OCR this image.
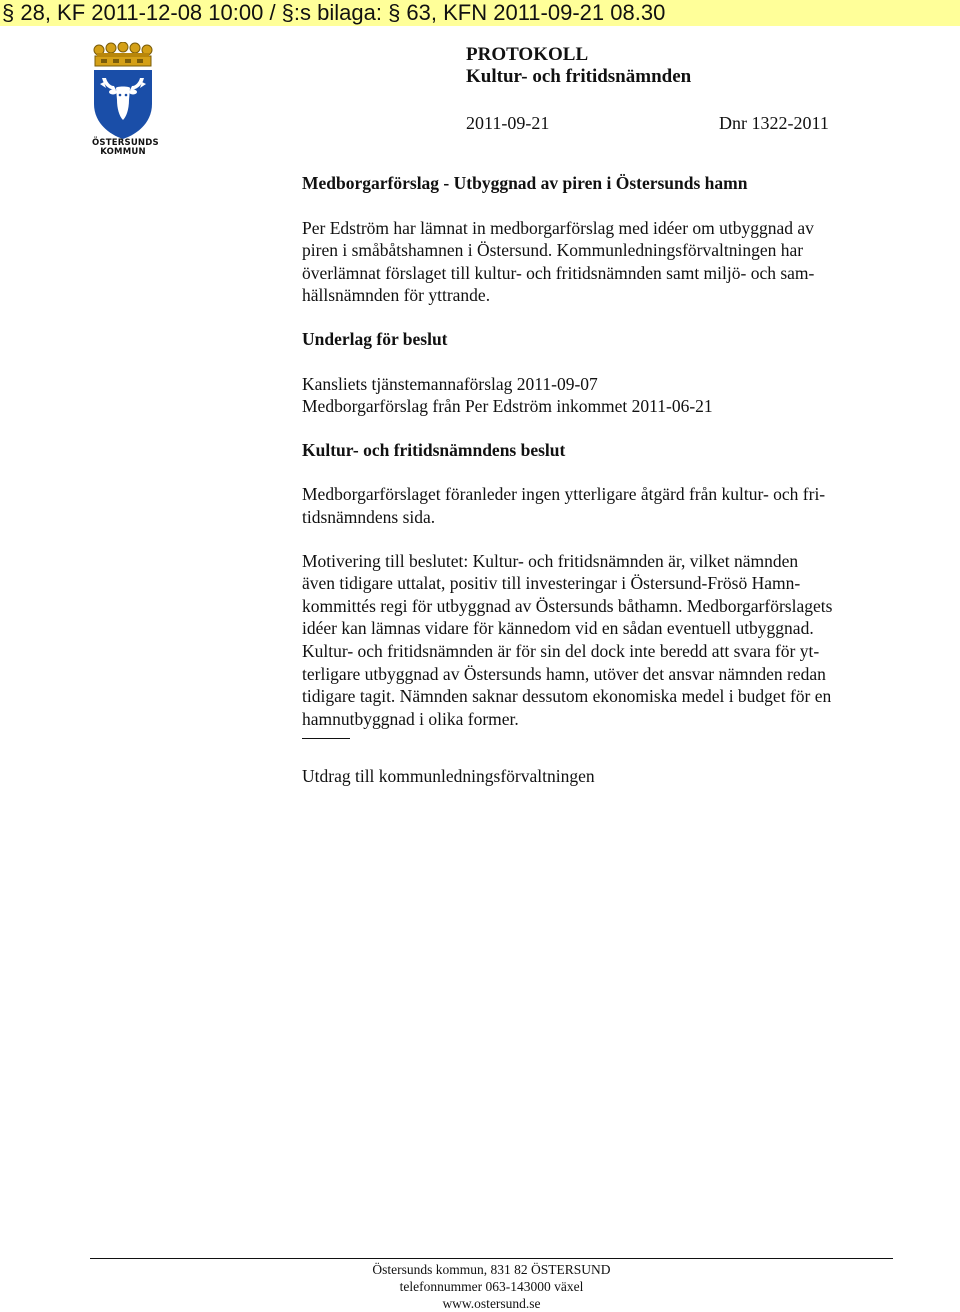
§ 28, KF 2011-12-08 10:00 / §:s bilaga: § 63, KFN 2011-09-21 08.30
ÖSTERSUNDS
KOMMUN
PROTOKOLL
Kultur- och fritidsnämnden
2011-09-21	Dnr 1322-2011

Medborgarförslag - Utbyggnad av piren i Östersunds hamn

Per Edström har lämnat in medborgarförslag med idéer om utbyggnad av

piren i småbåtshamnen i Östersund. Kommunledningsförvaltningen har

överlämnat förslaget till kultur- och fritidsnämnden samt miljö- och sam-

hällsnämnden för yttrande.

Underlag för beslut

Kansliets tjänstemannaförslag 2011-09-07

Medborgarförslag från Per Edström inkommet 2011-06-21

Kultur- och fritidsnämndens beslut

Medborgarförslaget föranleder ingen ytterligare åtgärd från kultur- och fri-

tidsnämndens sida.

Motivering till beslutet: Kultur- och fritidsnämnden är, vilket nämnden

även tidigare uttalat, positiv till investeringar i Östersund-Frösö Hamn-

kommittés regi för utbyggnad av Östersunds båthamn. Medborgarförslagets

idéer kan lämnas vidare för kännedom vid en sådan eventuell utbyggnad.

Kultur- och fritidsnämnden är för sin del dock inte beredd att svara för yt-

terligare utbyggnad av Östersunds hamn, utöver det ansvar nämnden redan

tidigare tagit. Nämnden saknar dessutom ekonomiska medel i budget för en

hamnutbyggnad i olika former.

Utdrag till kommunledningsförvaltningen

Östersunds kommun, 831 82 ÖSTERSUND
telefonnummer 063-143000 växel
www.ostersund.se
